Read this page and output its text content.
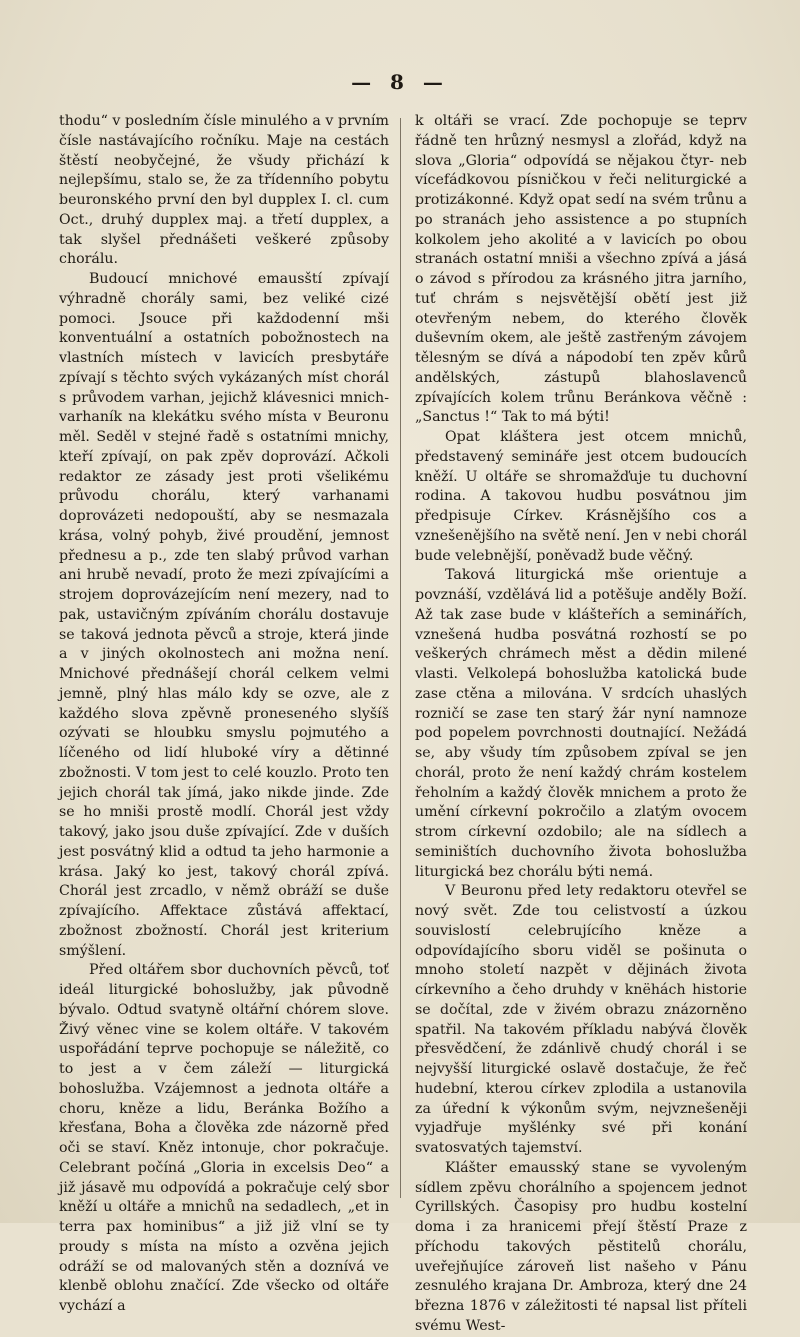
— 8 —

thodu“ v posledním čísle minulého a v prvním čísle nastávajícího ročníku. Maje na cestách štěstí neobyčejné, že všudy přichází k nejlepšímu, stalo se, že za třídenního pobytu beuronského první den byl dupplex I. cl. cum Oct., druhý dupplex maj. a třetí dupplex, a tak slyšel přednášeti veškeré způsoby chorálu.

Budoucí mnichové emausští zpívají výhradně chorály sami, bez veliké cizé pomoci. Jsouce při každodenní mši konventuální a ostatních pobožnostech na vlastních místech v lavicích presbytáře zpívají s těchto svých vykázaných míst chorál s průvodem varhan, jejichž klávesnici mnich-varhaník na klekátku svého místa v Beuronu měl. Seděl v stejné řadě s ostatními mnichy, kteří zpívají, on pak zpěv doprovází. Ačkoli redaktor ze zásady jest proti všelikému průvodu chorálu, který varhanami doprovázeti nedopouští, aby se nesmazala krása, volný pohyb, živé proudění, jemnost přednesu a p., zde ten slabý průvod varhan ani hrubě nevadí, proto že mezi zpívajícími a strojem doprovázejícím není mezery, nad to pak, ustavičným zpíváním chorálu dostavuje se taková jednota pěvců a stroje, která jinde a v jiných okolnostech ani možna není. Mnichové přednášejí chorál celkem velmi jemně, plný hlas málo kdy se ozve, ale z každého slova zpěvně proneseného slyšíš ozývati se hloubku smyslu pojmutého a líčeného od lidí hluboké víry a dětinné zbožnosti. V tom jest to celé kouzlo. Proto ten jejich chorál tak jímá, jako nikde jinde. Zde se ho mniši prostě modlí. Chorál jest vždy takový, jako jsou duše zpívající. Zde v duších jest posvátný klid a odtud ta jeho harmonie a krása. Jaký ko jest, takový chorál zpívá. Chorál jest zrcadlo, v němž obráží se duše zpívajícího. Affektace zůstává affektací, zbožnost zbožností. Chorál jest kriterium smýšlení.

Před oltářem sbor duchovních pěvců, toť ideál liturgické bohoslužby, jak původně bývalo. Odtud svatyně oltářní chórem slove. Živý věnec vine se kolem oltáře. V takovém uspořádání teprve pochopuje se náležitě, co to jest a v čem záleží — liturgická bohoslužba. Vzájemnost a jednota oltáře a choru, kněze a lidu, Beránka Božího a křesťana, Boha a člověka zde názorně před oči se staví. Kněz intonuje, chor pokračuje. Celebrant počíná „Gloria in excelsis Deo“ a již jásavě mu odpovídá a pokračuje celý sbor kněží u oltáře a mnichů na sedadlech, „et in terra pax hominibus“ a již již vlní se ty proudy s místa na místo a ozvěna jejich odráží se od malovaných stěn a doznívá ve klenbě oblohu značící. Zde všecko od oltáře vychází a

k oltáři se vrací. Zde pochopuje se teprv řádně ten hrůzný nesmysl a zlořád, když na slova „Gloria“ odpovídá se nějakou čtyr- neb vícefádkovou písničkou v řeči neliturgické a protizákonné. Když opat sedí na svém trůnu a po stranách jeho assistence a po stupních kolkolem jeho akolité a v lavicích po obou stranách ostatní mniši a všechno zpívá a jásá o závod s přírodou za krásného jitra jarního, tuť chrám s nejsvětější obětí jest již otevřeným nebem, do kterého člověk duševním okem, ale ještě zastřeným závojem tělesným se dívá a nápodobí ten zpěv kůrů andělských, zástupů blahoslavenců zpívajících kolem trůnu Beránkova věčně : „Sanctus !“ Tak to má býti!

Opat kláštera jest otcem mnichů, představený semináře jest otcem budoucích kněží. U oltáře se shromažďuje tu duchovní rodina. A takovou hudbu posvátnou jim předpisuje Církev. Krásnějšího cos a vznešenějšího na světě není. Jen v nebi chorál bude velebnější, poněvadž bude věčný.

Taková liturgická mše orientuje a povznáší, vzdělává lid a potěšuje anděly Boží. Až tak zase bude v klášteřích a seminářích, vznešená hudba posvátná rozhostí se po veškerých chrámech měst a dědin milené vlasti. Velkolepá bohoslužba katolická bude zase ctěna a milována. V srdcích uhaslých rozničí se zase ten starý žár nyní namnoze pod popelem povrchnosti doutnající. Nežádá se, aby všudy tím způsobem zpíval se jen chorál, proto že není každý chrám kostelem řeholním a každý člověk mnichem a proto že umění církevní pokročilo a zlatým ovocem strom církevní ozdobilo; ale na sídlech a seminištích duchovního života bohoslužba liturgická bez chorálu býti nemá.

V Beuronu před lety redaktoru otevřel se nový svět. Zde tou celistvostí a úzkou souvislostí celebrujícího kněze a odpovídajícího sboru viděl se pošinuta o mnoho století nazpět v dějinách života církevního a čeho druhdy v knëhách historie se dočítal, zde v živém obrazu znázorněno spatřil. Na takovém příkladu nabývá člověk přesvědčení, že zdánlivě chudý chorál i se nejvyšší liturgické oslavě dostačuje, že řeč hudební, kterou církev zplodila a ustanovila za úřední k výkonům svým, nejvznešeněji vyjadřuje myšlénky své při konání svatosvatých tajemství.

Klášter emausský stane se vyvoleným sídlem zpěvu chorálního a spojencem jednot Cyrillských. Časopisy pro hudbu kostelní doma i za hranicemi přejí štěstí Praze z příchodu takových pěstitelů chorálu, uveřejňujíce zároveň list našeho v Pánu zesnulého krajana Dr. Ambroza, který dne 24 března 1876 v záležitosti té napsal list příteli svému West-
